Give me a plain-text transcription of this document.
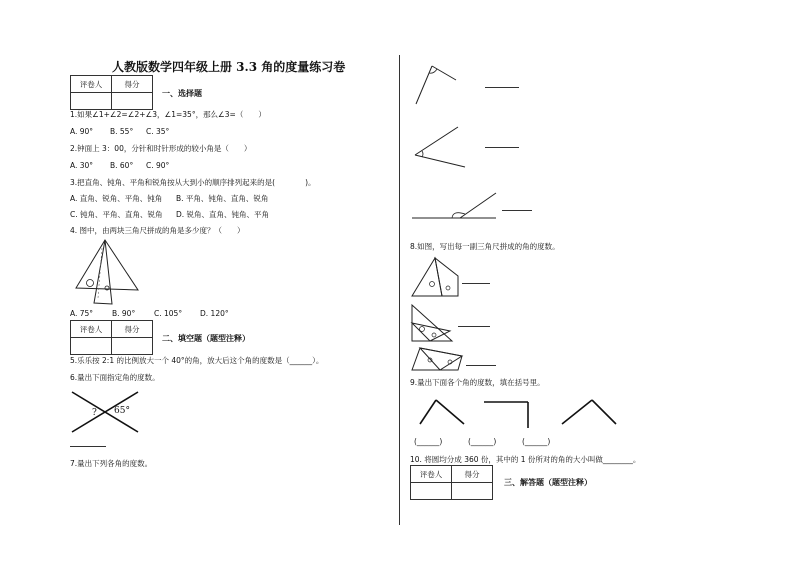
人教版数学四年级上册 3.3 角的度量练习卷
评卷人	得分

一、选择题
1.如果∠1+∠2=∠2+∠3，∠1=35°，那么∠3=（　　）
A. 90° B. 55° C. 35°
2.钟面上 3：00，分针和时针形成的较小角是（　　）
A. 30° B. 60° C. 90°
3.把直角、钝角、平角和锐角按从大到小的顺序排列起来的是(　　　　)。
A. 直角、锐角、平角、钝角 B. 平角、钝角、直角、锐角
C. 钝角、平角、直角、锐角 D. 锐角、直角、钝角、平角
4. 图中，由两块三角尺拼成的角是多少度？（　　）
A. 75°	B. 90°	C. 105° D. 120°
评卷人	得分

二、填空题（题型注释）
5.乐乐按 2:1 的比例放大一个 40°的角，放大后这个角的度数是（______）。
6.量出下面指定角的度数。
? 65°
7.量出下列各角的度数。
8.如图，写出每一副三角尺拼成的角的度数。
9.量出下面各个角的度数，填在括号里。
(______)	(______)	(______)
10. 将圆均分成 360 份，其中的 1 份所对的角的大小叫做________。
评卷人	得分

三、解答题（题型注释）
